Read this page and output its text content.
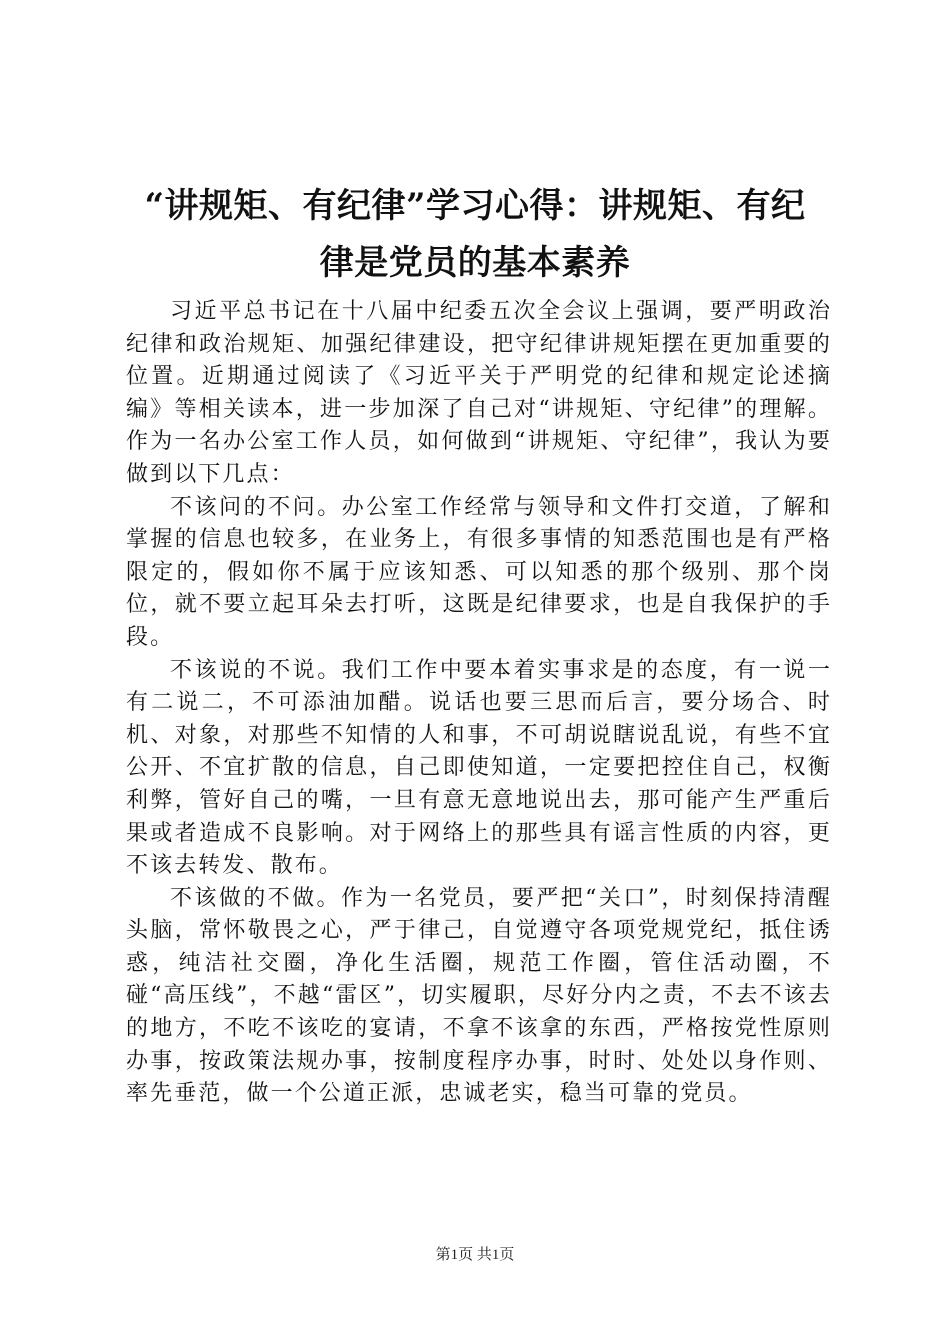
“讲规矩、有纪律”学习心得：讲规矩、有纪
律是党员的基本素养

习近平总书记在十八届中纪委五次全会议上强调，要严明政治纪律和政治规矩、加强纪律建设，把守纪律讲规矩摆在更加重要的位置。近期通过阅读了《习近平关于严明党的纪律和规定论述摘编》等相关读本，进一步加深了自己对“讲规矩、守纪律”的理解。作为一名办公室工作人员，如何做到“讲规矩、守纪律”，我认为要做到以下几点：

不该问的不问。办公室工作经常与领导和文件打交道，了解和掌握的信息也较多，在业务上，有很多事情的知悉范围也是有严格限定的，假如你不属于应该知悉、可以知悉的那个级别、那个岗位，就不要立起耳朵去打听，这既是纪律要求，也是自我保护的手段。

不该说的不说。我们工作中要本着实事求是的态度，有一说一有二说二，不可添油加醋。说话也要三思而后言，要分场合、时机、对象，对那些不知情的人和事，不可胡说瞎说乱说，有些不宜公开、不宜扩散的信息，自己即使知道，一定要把控住自己，权衡利弊，管好自己的嘴，一旦有意无意地说出去，那可能产生严重后果或者造成不良影响。对于网络上的那些具有谣言性质的内容，更不该去转发、散布。

不该做的不做。作为一名党员，要严把“关口”，时刻保持清醒头脑，常怀敬畏之心，严于律己，自觉遵守各项党规党纪，抵住诱惑，纯洁社交圈，净化生活圈，规范工作圈，管住活动圈，不碰“高压线”，不越“雷区”，切实履职，尽好分内之责，不去不该去的地方，不吃不该吃的宴请，不拿不该拿的东西，严格按党性原则办事，按政策法规办事，按制度程序办事，时时、处处以身作则、率先垂范，做一个公道正派，忠诚老实，稳当可靠的党员。

第1页 共1页
